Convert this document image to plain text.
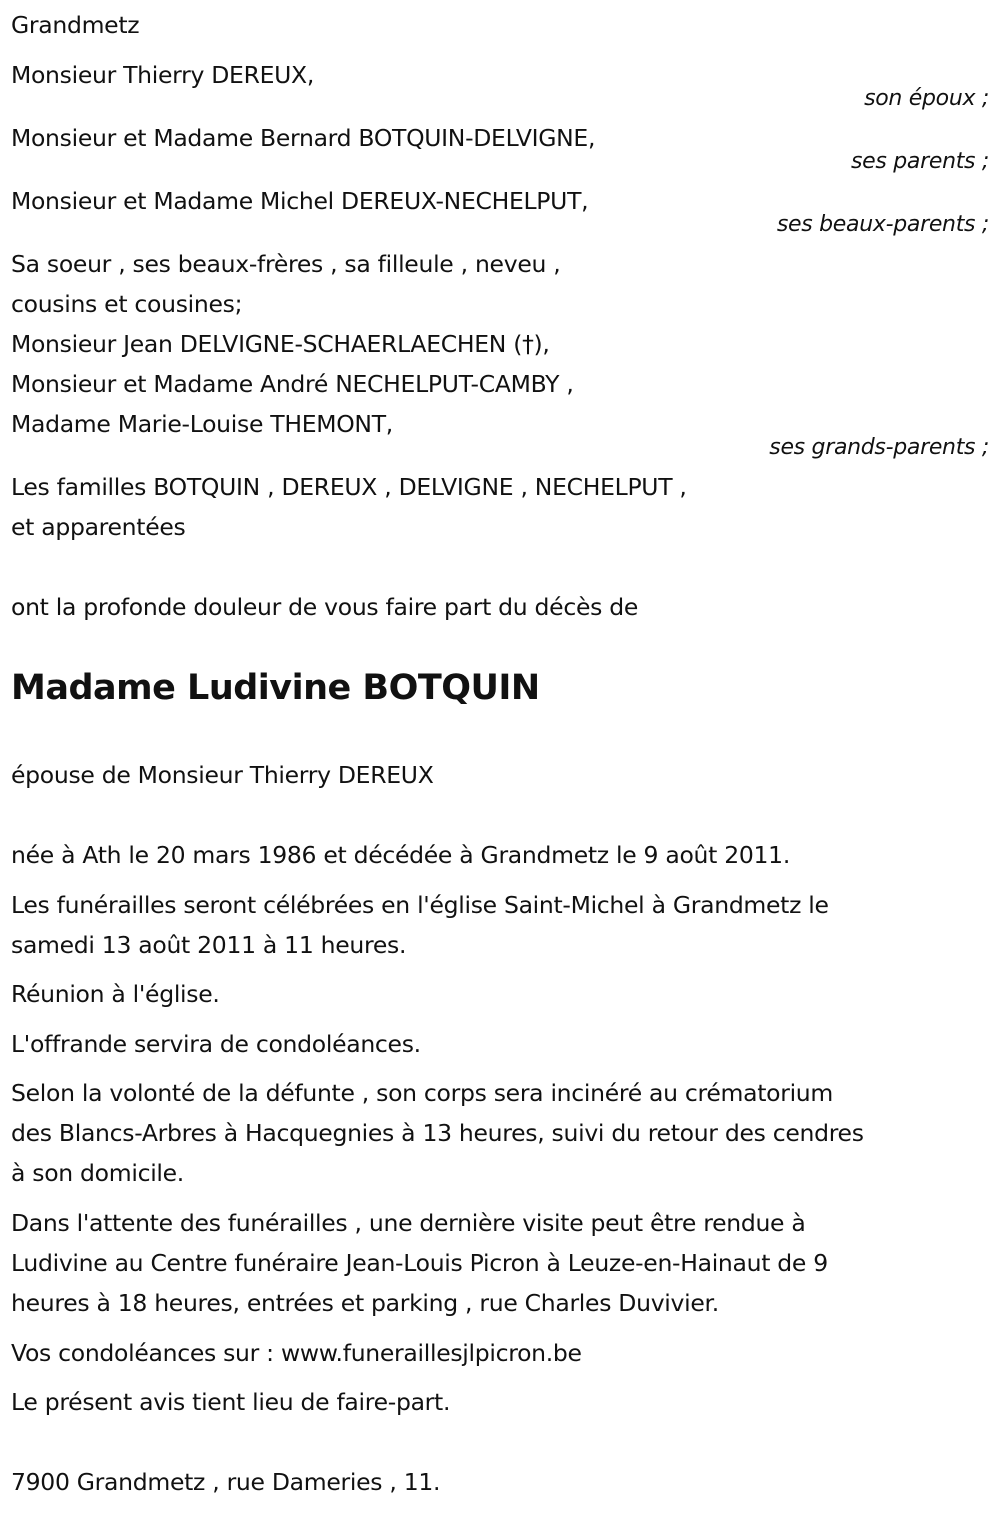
Grandmetz
Monsieur Thierry DEREUX,
son époux ;
Monsieur et Madame Bernard BOTQUIN-DELVIGNE,
ses parents ;
Monsieur et Madame Michel DEREUX-NECHELPUT,
ses beaux-parents ;
Sa soeur , ses beaux-frères , sa filleule , neveu ,
cousins et cousines;
Monsieur Jean DELVIGNE-SCHAERLAECHEN (†),
Monsieur et Madame André NECHELPUT-CAMBY ,
Madame Marie-Louise THEMONT,
ses grands-parents ;
Les familles BOTQUIN , DEREUX , DELVIGNE , NECHELPUT ,
et apparentées
ont la profonde douleur de vous faire part du décès de
Madame Ludivine BOTQUIN
épouse de Monsieur Thierry DEREUX
née à Ath le 20 mars 1986 et décédée à Grandmetz le 9 août 2011.
Les funérailles seront célébrées en l'église Saint-Michel à Grandmetz le
samedi 13 août 2011 à 11 heures.
Réunion à l'église.
L'offrande servira de condoléances.
Selon la volonté de la défunte , son corps sera incinéré au crématorium
des Blancs-Arbres à Hacquegnies à 13 heures, suivi du retour des cendres
à son domicile.
Dans l'attente des funérailles , une dernière visite peut être rendue à
Ludivine au Centre funéraire Jean-Louis Picron à Leuze-en-Hainaut de 9
heures à 18 heures, entrées et parking , rue Charles Duvivier.
Vos condoléances sur : www.funeraillesjlpicron.be
Le présent avis tient lieu de faire-part.
7900 Grandmetz , rue Dameries , 11.
